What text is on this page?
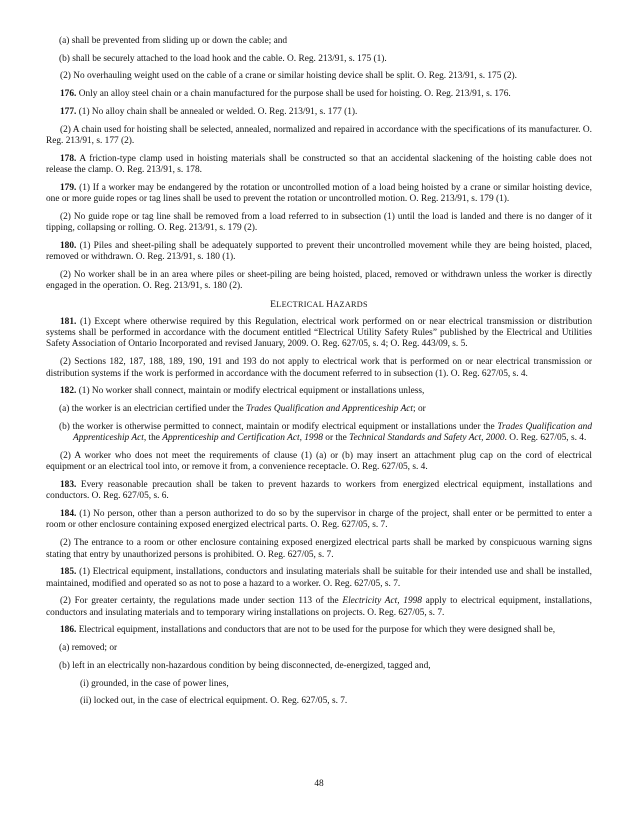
(a) shall be prevented from sliding up or down the cable; and

(b) shall be securely attached to the load hook and the cable. O. Reg. 213/91, s. 175 (1).

(2) No overhauling weight used on the cable of a crane or similar hoisting device shall be split. O. Reg. 213/91, s. 175 (2).

176. Only an alloy steel chain or a chain manufactured for the purpose shall be used for hoisting. O. Reg. 213/91, s. 176.

177. (1) No alloy chain shall be annealed or welded. O. Reg. 213/91, s. 177 (1).

(2) A chain used for hoisting shall be selected, annealed, normalized and repaired in accordance with the specifications of its manufacturer. O. Reg. 213/91, s. 177 (2).

178. A friction-type clamp used in hoisting materials shall be constructed so that an accidental slackening of the hoisting cable does not release the clamp. O. Reg. 213/91, s. 178.

179. (1) If a worker may be endangered by the rotation or uncontrolled motion of a load being hoisted by a crane or similar hoisting device, one or more guide ropes or tag lines shall be used to prevent the rotation or uncontrolled motion. O. Reg. 213/91, s. 179 (1).

(2) No guide rope or tag line shall be removed from a load referred to in subsection (1) until the load is landed and there is no danger of it tipping, collapsing or rolling. O. Reg. 213/91, s. 179 (2).

180. (1) Piles and sheet-piling shall be adequately supported to prevent their uncontrolled movement while they are being hoisted, placed, removed or withdrawn. O. Reg. 213/91, s. 180 (1).

(2) No worker shall be in an area where piles or sheet-piling are being hoisted, placed, removed or withdrawn unless the worker is directly engaged in the operation. O. Reg. 213/91, s. 180 (2).

ELECTRICAL HAZARDS

181. (1) Except where otherwise required by this Regulation, electrical work performed on or near electrical transmission or distribution systems shall be performed in accordance with the document entitled “Electrical Utility Safety Rules” published by the Electrical and Utilities Safety Association of Ontario Incorporated and revised January, 2009. O. Reg. 627/05, s. 4; O. Reg. 443/09, s. 5.

(2) Sections 182, 187, 188, 189, 190, 191 and 193 do not apply to electrical work that is performed on or near electrical transmission or distribution systems if the work is performed in accordance with the document referred to in subsection (1). O. Reg. 627/05, s. 4.

182. (1) No worker shall connect, maintain or modify electrical equipment or installations unless,

(a) the worker is an electrician certified under the Trades Qualification and Apprenticeship Act; or

(b) the worker is otherwise permitted to connect, maintain or modify electrical equipment or installations under the Trades Qualification and Apprenticeship Act, the Apprenticeship and Certification Act, 1998 or the Technical Standards and Safety Act, 2000. O. Reg. 627/05, s. 4.

(2) A worker who does not meet the requirements of clause (1) (a) or (b) may insert an attachment plug cap on the cord of electrical equipment or an electrical tool into, or remove it from, a convenience receptacle. O. Reg. 627/05, s. 4.

183. Every reasonable precaution shall be taken to prevent hazards to workers from energized electrical equipment, installations and conductors. O. Reg. 627/05, s. 6.

184. (1) No person, other than a person authorized to do so by the supervisor in charge of the project, shall enter or be permitted to enter a room or other enclosure containing exposed energized electrical parts. O. Reg. 627/05, s. 7.

(2) The entrance to a room or other enclosure containing exposed energized electrical parts shall be marked by conspicuous warning signs stating that entry by unauthorized persons is prohibited. O. Reg. 627/05, s. 7.

185. (1) Electrical equipment, installations, conductors and insulating materials shall be suitable for their intended use and shall be installed, maintained, modified and operated so as not to pose a hazard to a worker. O. Reg. 627/05, s. 7.

(2) For greater certainty, the regulations made under section 113 of the Electricity Act, 1998 apply to electrical equipment, installations, conductors and insulating materials and to temporary wiring installations on projects. O. Reg. 627/05, s. 7.

186. Electrical equipment, installations and conductors that are not to be used for the purpose for which they were designed shall be,

(a) removed; or

(b) left in an electrically non-hazardous condition by being disconnected, de-energized, tagged and,

(i) grounded, in the case of power lines,

(ii) locked out, in the case of electrical equipment. O. Reg. 627/05, s. 7.

48
